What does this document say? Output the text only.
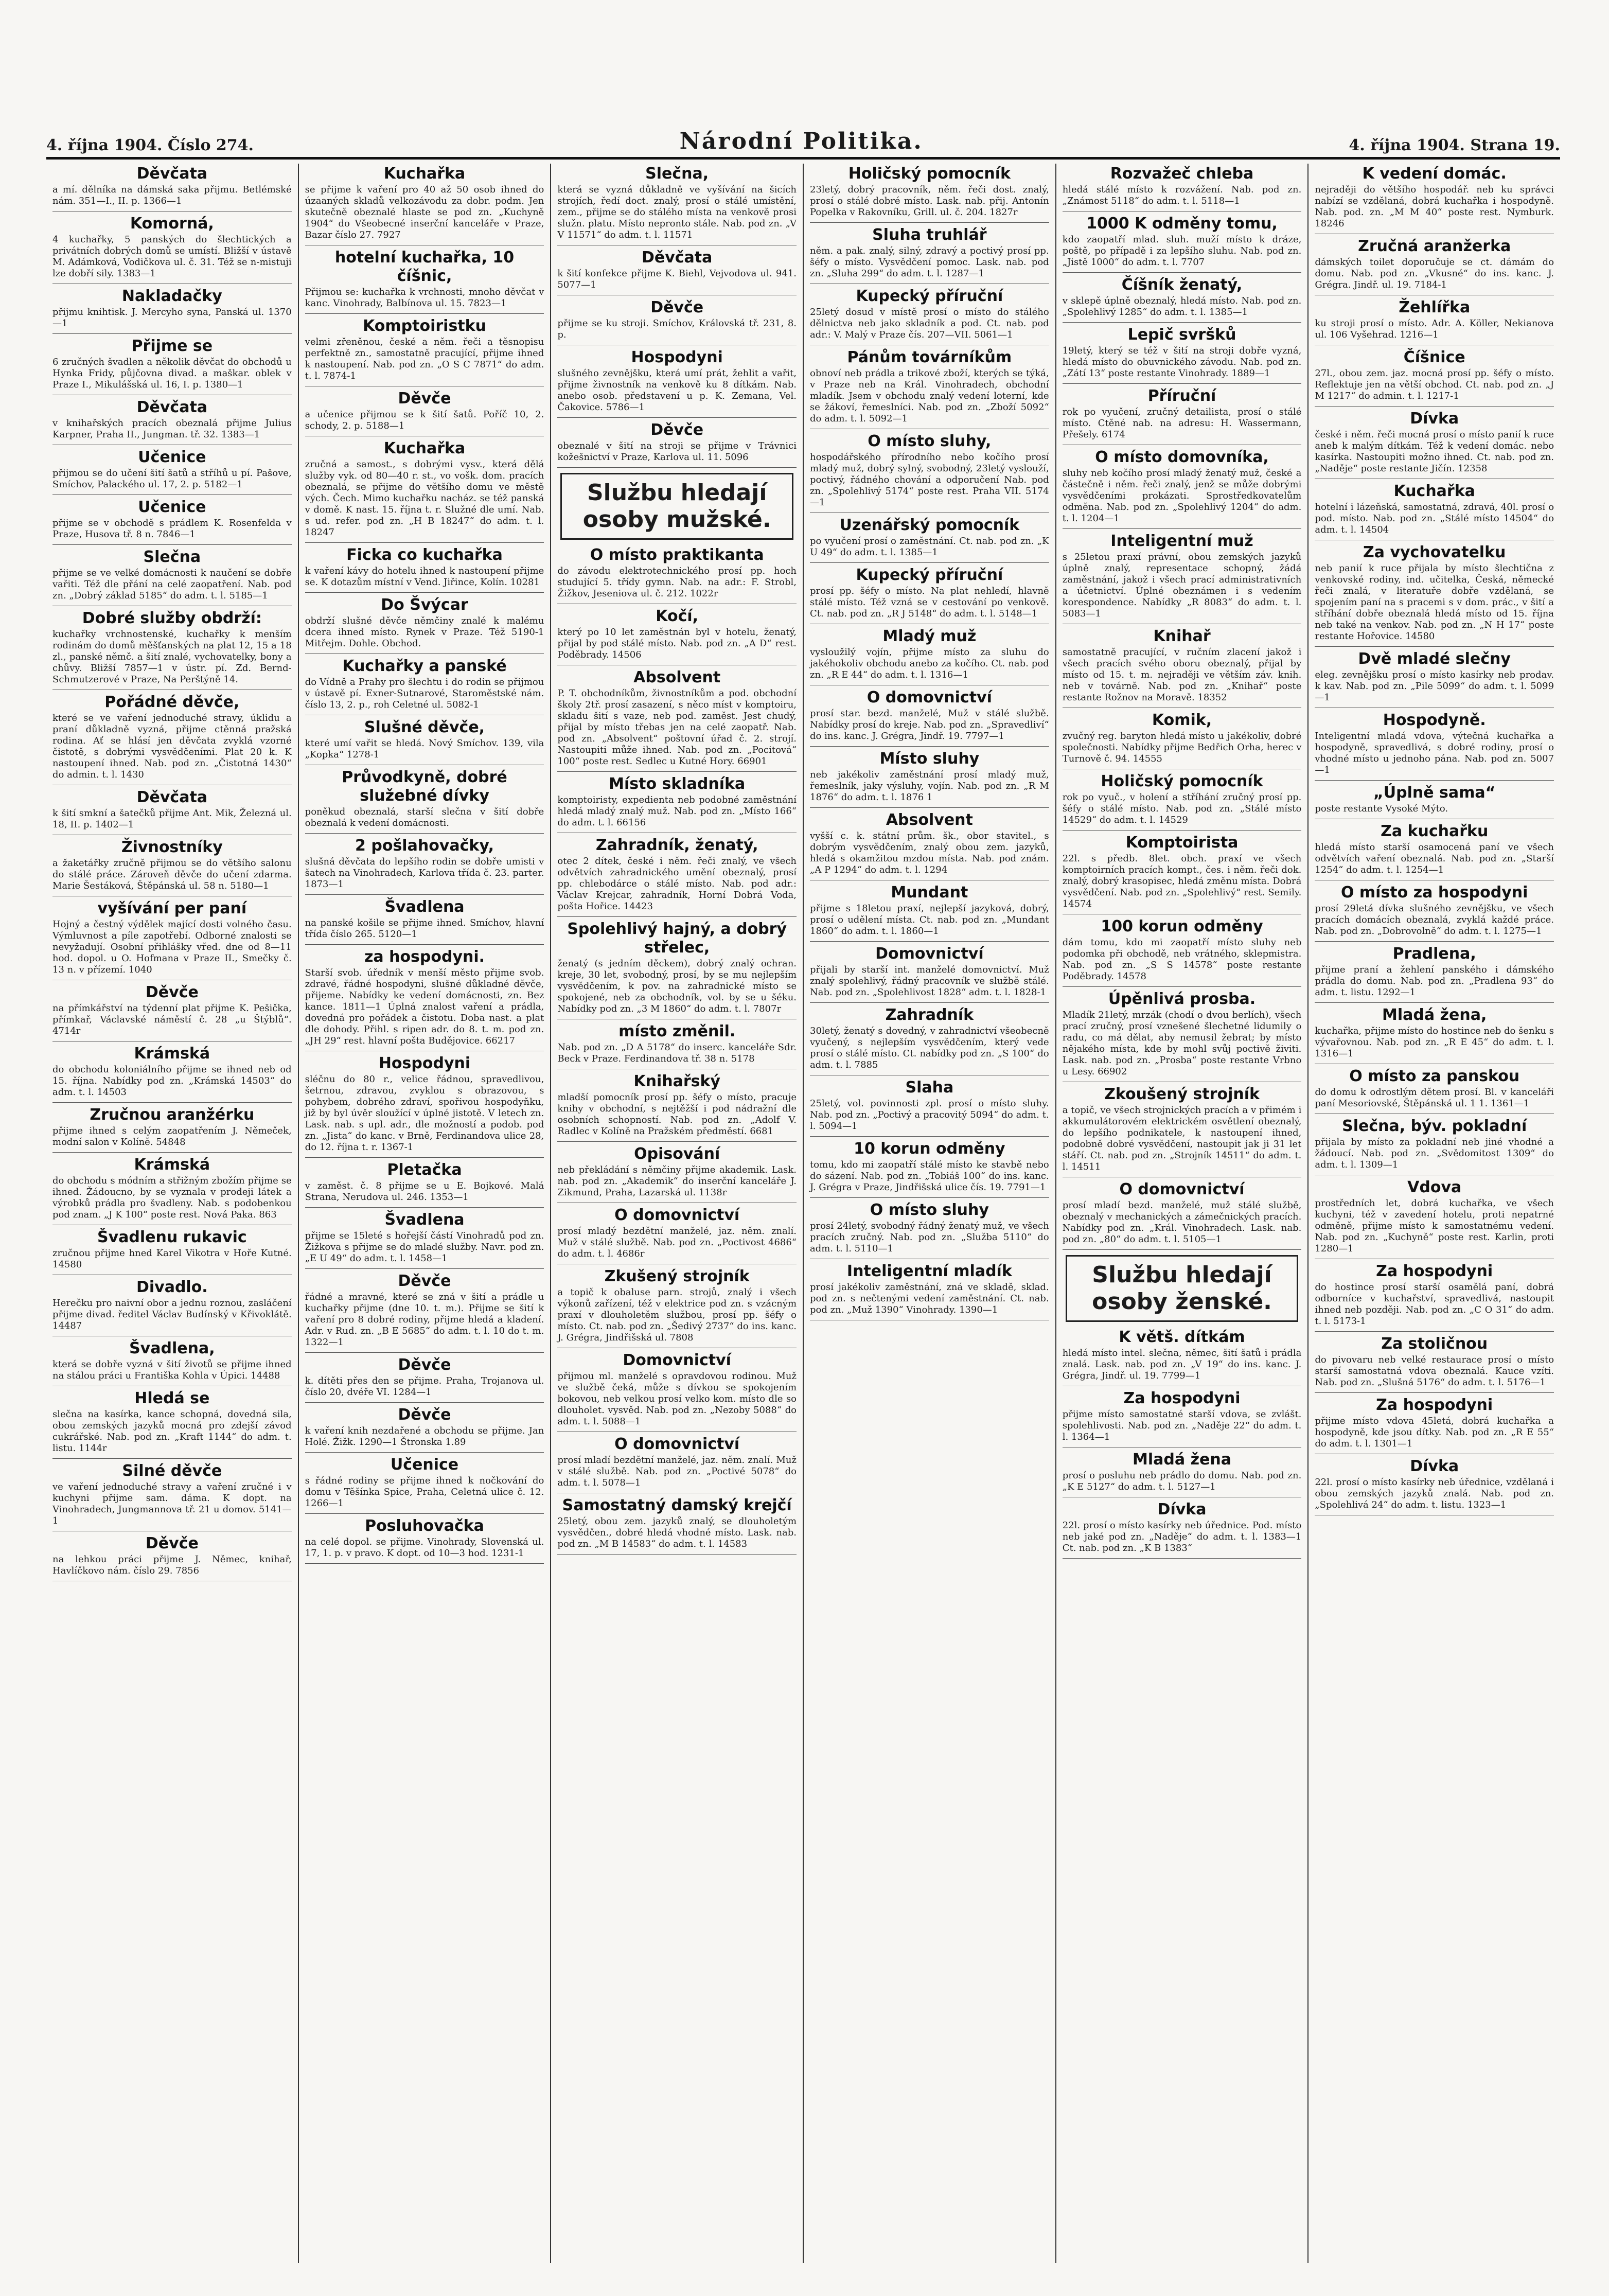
4. října 1904. Číslo 274.	Národní Politika.	4. října 1904. Strana 19.
Děvčata

a mí. dělníka na dámská saka přijmu. Betlémské nám. 351—I., II. p. 1366—1

Komorná,

4 kuchařky, 5 panských do šlechtických a privátních dobrých domů se umístí. Bližší v ústavě M. Adámková, Vodičkova ul. č. 31. Též se n-mistuji lze dobří sily. 1383—1

Nakladačky

přijmu knihtisk. J. Mercyho syna, Panská ul. 1370—1

Přijme se

6 zručných švadlen a několik děvčat do obchodů u Hynka Fridy, půjčovna divad. a maškar. oblek v Praze I., Mikulášská ul. 16, I. p. 1380—1

Děvčata

v knihařských pracích obeznalá přijme Julius Karpner, Praha II., Jungman. tř. 32. 1383—1

Učenice

přijmou se do učení šití šatů a stříhů u pí. Pašove, Smíchov, Palackého ul. 17, 2. p. 5182—1

Učenice

přijme se v obchodě s prádlem K. Rosenfelda v Praze, Husova tř. 8 n. 7846—1

Slečna

přijme se ve velké domácnosti k naučení se dobře vařiti. Též dle přání na celé zaopatření. Nab. pod zn. „Dobrý základ 5185“ do adm. t. l. 5185—1

Dobré služby obdrží:

kuchařky vrchnostenské, kuchařky k menším rodinám do domů měšťanských na plat 12, 15 a 18 zl., panské němč. a šití znalé, vychovatelky, bony a chůvy. Bližší 7857—1 v ústr. pí. Zd. Bernd-Schmutzerové v Praze, Na Perštýně 14.

Pořádné děvče,

které se ve vaření jednoduché stravy, úklidu a praní důkladně vyzná, přijme ctěnná pražská rodina. Ať se hlásí jen děvčata zvyklá vzorné čistotě, s dobrými vysvědčeními. Plat 20 k. K nastoupení ihned. Nab. pod zn. „Čistotná 1430“ do admin. t. l. 1430

Děvčata

k šití smkní a šatečků přijme Ant. Mik, Železná ul. 18, II. p. 1402—1

Živnostníky

a žaketářky zručně přijmou se do většího salonu do stálé práce. Zároveň děvče do učení zdarma. Marie Šestáková, Štěpánská ul. 58 n. 5180—1

vyšívání per paní

Hojný a čestný výdělek mající dosti volného času. Výmluvnost a píle zapotřebí. Odborné znalosti se nevyžadují. Osobní přihlášky vřed. dne od 8—11 hod. dopol. u O. Hofmana v Praze II., Smečky č. 13 n. v přízemí. 1040

Děvče

na přímkářství na týdenní plat přijme K. Pešička, přímkař, Václavské náměstí č. 28 „u Štýblů“. 4714r

Krámská

do obchodu koloniálního přijme se ihned neb od 15. října. Nabídky pod zn. „Krámská 14503“ do adm. t. l. 14503

Zručnou aranžérku

přijme ihned s celým zaopatřením J. Němeček, modní salon v Kolíně. 54848

Krámská

do obchodu s módním a střižným zbožím přijme se ihned. Žádoucno, by se vyznala v prodeji látek a výrobků prádla pro švadleny. Nab. s podobenkou pod znam. „J K 100“ poste rest. Nová Paka. 863

Švadlenu rukavic

zručnou přijme hned Karel Vikotra v Hoře Kutné. 14580

Divadlo.

Herečku pro naivní obor a jednu roznou, zasláčení přijme divad. ředitel Václav Budínský v Křivoklátě. 14487

Švadlena,

která se dobře vyzná v šití životů se přijme ihned na stálou práci u Františka Kohla v Úpici. 14488

Hledá se

slečna na kasírka, kance schopná, dovedná sila, obou zemských jazyků mocná pro zdejší závod cukrářské. Nab. pod zn. „Kraft 1144“ do adm. t. listu. 1144r

Silné děvče

ve vaření jednoduché stravy a vaření zručné i v kuchyni přijme sam. dáma. K dopt. na Vinohradech, Jungmannova tř. 21 u domov. 5141—1

Děvče

na lehkou práci přijme J. Němec, knihař, Havlíčkovo nám. číslo 29. 7856

Kuchařka

se přijme k vaření pro 40 až 50 osob ihned do úzaaných skladů velkozávodu za dobr. podm. Jen skutečně obeznalé hlaste se pod zn. „Kuchyně 1904“ do Všeobecné inserční kanceláře v Praze, Bazar číslo 27. 7927

hotelní kuchařka, 10 číšnic,

Přijmou se: kuchařka k vrchnosti, mnoho děvčat v kanc. Vinohrady, Balbínova ul. 15. 7823—1

Komptoiristku

velmi zřeněnou, české a něm. řeči a těsnopisu perfektně zn., samostatně pracující, přijme ihned k nastoupení. Nab. pod zn. „O S C 7871“ do adm. t. l. 7874-1

Děvče

a učenice přijmou se k šití šatů. Poříč 10, 2. schody, 2. p. 5188—1

Kuchařka

zručná a samost., s dobrými vysv., která dělá služby vyk. od 80—40 r. st., vo vošk. dom. pracích obeznalá, se přijme do většího domu ve městě vých. Čech. Mimo kuchařku nacház. se též panská v domě. K nast. 15. října t. r. Služné dle umí. Nab. s ud. refer. pod zn. „H B 18247“ do adm. t. l. 18247

Ficka co kuchařka

k vaření kávy do hotelu ihned k nastoupení přijme se. K dotazům místní v Vend. Jiřince, Kolín. 10281

Do Švýcar

obdrží slušné děvče němčiny znalé k malému dcera ihned místo. Rynek v Praze. Též 5190-1 Mitřejm. Dohle. Obchod.

Kuchařky a panské

do Vídně a Prahy pro šlechtu i do rodin se přijmou v ústavě pí. Exner-Sutnarové, Staroměstské nám. číslo 13, 2. p., roh Celetné ul. 5082-1

Slušné děvče,

které umí vařit se hledá. Nový Smíchov. 139, vila „Kopka“ 1278-1

Průvodkyně, dobré služebné dívky

poněkud obeznalá, starší slečna v šití dobře obeznalá k vedení domácnosti.

2 pošlahovačky,

slušná děvčata do lepšího rodin se dobře umisti v šatech na Vinohradech, Karlova třída č. 23. parter. 1873—1

Švadlena

na panské košile se přijme ihned. Smíchov, hlavní třída číslo 265. 5120—1

za hospodyni.

Starší svob. úředník v menší město přijme svob. zdravé, řádné hospodyni, slušné důkladné děvče, přijeme. Nabídky ke vedení domácnosti, zn. Bez kance. 1811—1 Úplná znalost vaření a prádla, dovedná pro pořádek a čistotu. Doba nast. a plat dle dohody. Přihl. s ripen adr. do 8. t. m. pod zn. „JH 29“ rest. hlavní pošta Budějovice. 66217

Hospodyni

sléčnu do 80 r., velice řádnou, spravedlivou, šetrnou, zdravou, zvyklou s obrazovou, s pohybem, dobrého zdraví, spořivou hospodyňku, již by byl úvěr sloužící v úplné jistotě. V letech zn. Lask. nab. s upl. adr., dle možností a podob. pod zn. „Jista“ do kanc. v Brně, Ferdinandova ulice 28, do 12. října t. r. 1367-1

Pletačka

v zaměst. č. 8 přijme se u E. Bojkové. Malá Strana, Nerudova ul. 246. 1353—1

Švadlena

přijme se 15leté s hořejší částí Vinohradů pod zn. Žižkova s přijme se do mladé služby. Navr. pod zn. „E U 49“ do adm. t. l. 1458—1

Děvče

řádné a mravné, které se zná v šití a prádle u kuchařky přijme (dne 10. t. m.). Přijme se šití k vaření pro 8 dobré rodiny, přijme hledá a kladení. Adr. v Rud. zn. „B E 5685“ do adm. t. l. 10 do t. m. 1322—1

Děvče

k. dítěti přes den se přijme. Praha, Trojanova ul. číslo 20, dvéře VI. 1284—1

Děvče

k vaření knih nezdařené a obchodu se přijme. Jan Holé. Žižk. 1290—1 Štronska 1.89

Učenice

s řádné rodiny se přijme ihned k nočkování do domu v Těšínka Spice, Praha, Celetná ulice č. 12. 1266—1

Posluhovačka

na celé dopol. se přijme. Vinohrady, Slovenská ul. 17, 1. p. v pravo. K dopt. od 10—3 hod. 1231-1

Slečna,

která se vyzná důkladně ve vyšívání na šicích strojích, ředí doct. znalý, prosí o stálé umístění, zem., přijme se do stálého místa na venkově prosi služn. platu. Místo nepronto stále. Nab. pod zn. „V V 11571“ do adm. t. l. 11571

Děvčata

k šití konfekce přijme K. Biehl, Vejvodova ul. 941. 5077—1

Děvče

přijme se ku stroji. Smíchov, Královská tř. 231, 8. p.

Hospodyni

slušného zevnějšku, která umí prát, žehlit a vařit, přijme živnostník na venkově ku 8 dítkám. Nab. anebo osob. představení u p. K. Zemana, Vel. Čakovice. 5786—1

Děvče

obeznalé v šití na stroji se přijme v Trávnici kožešnictví v Praze, Karlova ul. 11. 5096

Službu hledají osoby mužské.
O místo praktikanta

do závodu elektrotechnického prosí pp. hoch studující 5. třídy gymn. Nab. na adr.: F. Strobl, Žižkov, Jeseniova ul. č. 212. 1022r

Kočí,

který po 10 let zaměstnán byl v hotelu, ženatý, přijal by pod stálé místo. Nab. pod zn. „A D“ rest. Poděbrady. 14506

Absolvent

P. T. obchodníkům, živnostníkům a pod. obchodní školy 2tř. prosí zasazení, s něco míst v komptoiru, skladu šití s vaze, neb pod. zaměst. Jest chudý, přijal by místo třebas jen na celé zaopatř. Nab. pod zn. „Absolvent“ poštovní úřad č. 2. strojí. Nastoupiti může ihned. Nab. pod zn. „Pocitová“ 100“ poste rest. Sedlec u Kutné Hory. 66901

Místo skladníka

komptoiristy, expedienta neb podobné zaměstnání hledá mladý znalý muž. Nab. pod zn. „Místo 166“ do adm. t. l. 66156

Zahradník, ženatý,

otec 2 dítek, české i něm. řeči znalý, ve všech odvětvích zahradnického umění obeznalý, prosí pp. chlebodárce o stálé místo. Nab. pod adr.: Václav Krejcar, zahradník, Horní Dobrá Voda, pošta Hořice. 14423

Spolehlivý hajný, a dobrý střelec,

ženatý (s jedním děckem), dobrý znalý ochran. kreje, 30 let, svobodný, prosí, by se mu nejlepším vysvědčením, k pov. na zahradnické místo se spokojené, neb za obchodník, vol. by se u šéku. Nabídky pod zn. „3 M 1860“ do adm. t. l. 7807r

místo změnil.

Nab. pod zn. „D A 5178“ do inserc. kanceláře Sdr. Beck v Praze. Ferdinandova tř. 38 n. 5178

Knihařský

mladší pomocník prosí pp. šéfy o místo, pracuje knihy v obchodní, s nejtěžší i pod nádražní dle osobních schopností. Nab. pod zn. „Adolf V. Radlec v Kolíně na Pražském předměstí. 6681

Opisování

neb překládání s němčiny přijme akademik. Lask. nab. pod zn. „Akademik“ do inserční kanceláře J. Zikmund, Praha, Lazarská ul. 1138r

O domovnictví

prosí mladý bezdětní manželé, jaz. něm. znalí. Muž v stálé službě. Nab. pod zn. „Poctivost 4686“ do adm. t. l. 4686r

Zkušený strojník

a topič k obaluse parn. strojů, znalý i všech výkonů zařízení, též v elektrice pod zn. s vzácným praxí v dlouholetěm službou, prosí pp. šéfy o místo. Ct. nab. pod zn. „Šedivý 2737“ do ins. kanc. J. Grégra, Jindřišská ul. 7808

Domovnictví

přijmou ml. manželé s opravdovou rodinou. Muž ve službě čeká, může s dívkou se spokojením bokovou, neb velkou prosí velko kom. místo dle so dlouholet. vysvěd. Nab. pod zn. „Nezoby 5088“ do adm. t. l. 5088—1

O domovnictví

prosí mladí bezdětní manželé, jaz. něm. znalí. Muž v stálé službě. Nab. pod zn. „Poctivé 5078“ do adm. t. l. 5078—1

Samostatný damský krejčí

25letý, obou zem. jazyků znalý, se dlouholetým vysvědčen., dobré hledá vhodné místo. Lask. nab. pod zn. „M B 14583“ do adm. t. l. 14583

Holičský pomocník

23letý, dobrý pracovník, něm. řeči dost. znalý, prosí o stálé dobré místo. Lask. nab. přij. Antonín Popelka v Rakovníku, Grill. ul. č. 204. 1827r

Sluha truhlář

něm. a pak. znalý, silný, zdravý a poctivý prosí pp. šéfy o místo. Vysvědčení pomoc. Lask. nab. pod zn. „Sluha 299“ do adm. t. l. 1287—1

Kupecký příruční

25letý dosud v místě prosí o místo do stálého dělnictva neb jako skladník a pod. Ct. nab. pod adr.: V. Malý v Praze čís. 207—VII. 5061—1

Pánům továrníkům

obnoví neb prádla a trikové zboží, kterých se týká, v Praze neb na Král. Vinohradech, obchodní mladík. Jsem v obchodu znalý vedení loterní, kde se žákoví, řemeslníci. Nab. pod zn. „Zboží 5092“ do adm. t. l. 5092—1

O místo sluhy,

hospodářského přírodního nebo kočího prosí mladý muž, dobrý sylný, svobodný, 23letý vyslouží, poctivý, řádného chování a odporučení Nab. pod zn. „Spolehlivý 5174“ poste rest. Praha VII. 5174—1

Uzenářský pomocník

po vyučení prosí o zaměstnání. Ct. nab. pod zn. „K U 49“ do adm. t. l. 1385—1

Kupecký příruční

prosí pp. šéfy o místo. Na plat nehledí, hlavně stálé místo. Též vzná se v cestování po venkově. Ct. nab. pod zn. „R J 5148“ do adm. t. l. 5148—1

Mladý muž

vysloužilý vojín, přijme místo za sluhu do jakéhokoliv obchodu anebo za kočího. Ct. nab. pod zn. „R E 44“ do adm. t. l. 1316—1

O domovnictví

prosí star. bezd. manželé, Muž v stálé službě. Nabídky prosí do kreje. Nab. pod zn. „Spravedliví“ do ins. kanc. J. Grégra, Jindř. 19. 7797—1

Místo sluhy

neb jakékoliv zaměstnání prosí mladý muž, řemeslník, jaky výsluhy, vojín. Nab. pod zn. „R M 1876“ do adm. t. l. 1876 1

Absolvent

vyšší c. k. státní prům. šk., obor stavitel., s dobrým vysvědčením, znalý obou zem. jazyků, hledá s okamžitou mzdou místa. Nab. pod znám. „A P 1294“ do adm. t. l. 1294

Mundant

přijme s 18letou praxí, nejlepší jazyková, dobrý, prosí o udělení místa. Ct. nab. pod zn. „Mundant 1860“ do adm. t. l. 1860—1

Domovnictví

přijali by starší int. manželé domovnictví. Muž znalý spolehlivý, řádný pracovník ve službě stálé. Nab. pod zn. „Spolehlivost 1828“ adm. t. l. 1828-1

Zahradník

30letý, ženatý s dovedný, v zahradnictví všeobecně vyučený, s nejlepším vysvědčením, který vede prosí o stálé místo. Ct. nabídky pod zn. „S 100“ do adm. t. l. 7885

Slaha

25letý, vol. povinnosti zpl. prosí o místo sluhy. Nab. pod zn. „Poctivý a pracovitý 5094“ do adm. t. l. 5094—1

10 korun odměny

tomu, kdo mi zaopatří stálé místo ke stavbě nebo do sázení. Nab. pod zn. „Tobiáš 100“ do ins. kanc. J. Grégra v Praze, Jindřišská ulice čís. 19. 7791—1

O místo sluhy

prosí 24letý, svobodný řádný ženatý muž, ve všech pracích zručný. Nab. pod zn. „Služba 5110“ do adm. t. l. 5110—1

Inteligentní mladík

prosí jakékoliv zaměstnání, zná ve skladě, sklad. pod zn. s nečtenými vedení zaměstnání. Ct. nab. pod zn. „Muž 1390“ Vinohrady. 1390—1

Rozvažeč chleba

hledá stálé místo k rozvážení. Nab. pod zn. „Známost 5118“ do adm. t. l. 5118—1

1000 K odměny tomu,

kdo zaopatří mlad. sluh. muží místo k dráze, poště, po případě i za lepšího sluhu. Nab. pod zn. „Jistě 1000“ do adm. t. l. 7707

Číšník ženatý,

v sklepě úplně obeznalý, hledá místo. Nab. pod zn. „Spolehlivý 1285“ do adm. t. l. 1385—1

Lepič svršků

19letý, který se též v šití na stroji dobře vyzná, hledá místo do obuvnického závodu. Nab. pod zn. „Zátí 13“ poste restante Vinohrady. 1889—1

Příruční

rok po vyučení, zručný detailista, prosí o stálé místo. Ctěné nab. na adresu: H. Wassermann, Přešely. 6174

O místo domovníka,

sluhy neb kočího prosí mladý ženatý muž, české a částečně i něm. řeči znalý, jenž se může dobrými vysvědčeními prokázati. Sprostředkovatelům odměna. Nab. pod zn. „Spolehlivý 1204“ do adm. t. l. 1204—1

Inteligentní muž

s 25letou praxí právní, obou zemských jazyků úplně znalý, representace schopný, žádá zaměstnání, jakož i všech prací administrativních a účetnictví. Úplné obeznámen i s vedením korespondence. Nabídky „R 8083“ do adm. t. l. 5083—1

Knihař

samostatně pracující, v ručním zlacení jakož i všech pracích svého oboru obeznalý, přijal by místo od 15. t. m. nejraději ve větším záv. knih. neb v továrně. Nab. pod zn. „Knihař“ poste restante Rožnov na Moravě. 18352

Komik,

zvučný reg. baryton hledá místo u jakékoliv, dobré společnosti. Nabídky přijme Bedřich Orha, herec v Turnově č. 94. 14555

Holičský pomocník

rok po vyuč., v holení a stříhání zručný prosí pp. šéfy o stálé místo. Nab. pod zn. „Stálé místo 14529“ do adm. t. l. 14529

Komptoirista

22l. s předb. 8let. obch. praxí ve všech komptoirních pracích kompt., čes. i něm. řeči dok. znalý, dobrý krasopisec, hledá změnu místa. Dobrá vysvědčení. Nab. pod zn. „Spolehlivý“ rest. Semily. 14574

100 korun odměny

dám tomu, kdo mi zaopatří místo sluhy neb podomka při obchodě, neb vrátného, sklepmistra. Nab. pod zn. „S S 14578“ poste restante Poděbrady. 14578

Úpěnlivá prosba.

Mladík 21letý, mrzák (chodí o dvou berlích), všech prací zručný, prosí vznešené šlechetné lidumily o radu, co má dělat, aby nemusil žebrat; by místo nějakého místa, kde by mohl svůj poctivě živiti. Lask. nab. pod zn. „Prosba“ poste restante Vrbno u Lesy. 66902

Zkoušený strojník

a topič, ve všech strojnických pracích a v přimém i akkumulátorovém elektrickém osvětlení obeznalý, do lepšího podnikatele, k nastoupení ihned, podobně dobré vysvědčení, nastoupit jak ji 31 let stáří. Ct. nab. pod zn. „Strojník 14511“ do adm. t. l. 14511

O domovnictví

prosí mladí bezd. manželé, muž stálé službě, obeznalý v mechanických a zámečnických pracích. Nabídky pod zn. „Král. Vinohradech. Lask. nab. pod zn. „80“ do adm. t. l. 5105—1

Službu hledají osoby ženské.
K větš. dítkám

hledá místo intel. slečna, němec, šití šatů i prádla znalá. Lask. nab. pod zn. „V 19“ do ins. kanc. J. Grégra, Jindř. ul. 19. 7799—1

Za hospodyni

přijme místo samostatné starší vdova, se zvlášt. spolehlivosti. Nab. pod zn. „Naděje 22“ do adm. t. l. 1364—1

Mladá žena

prosí o posluhu neb prádlo do domu. Nab. pod zn. „K E 5127“ do adm. t. l. 5127—1

Dívka

22l. prosí o místo kasírky neb úřednice. Pod. místo neb jaké pod zn. „Naděje“ do adm. t. l. 1383—1 Ct. nab. pod zn. „K B 1383“

K vedení domác.

nejraději do většího hospodář. neb ku správci nabízí se vzdělaná, dobrá kuchařka i hospodyně. Nab. pod. zn. „M M 40“ poste rest. Nymburk. 18246

Zručná aranžerka

dámských toilet doporučuje se ct. dámám do domu. Nab. pod zn. „Vkusné“ do ins. kanc. J. Grégra. Jindř. ul. 19. 7184-1

Žehlířka

ku stroji prosí o místo. Adr. A. Köller, Nekianova ul. 106 Vyšehrad. 1216—1

Číšnice

27l., obou zem. jaz. mocná prosí pp. šéfy o místo. Reflektuje jen na větší obchod. Ct. nab. pod zn. „J M 1217“ do admin. t. l. 1217-1

Dívka

české i něm. řeči mocná prosí o místo panií k ruce aneb k malým dítkám. Též k vedení domác. nebo kasírka. Nastoupiti možno ihned. Ct. nab. pod zn. „Naděje“ poste restante Jičín. 12358

Kuchařka

hotelní i lázeňská, samostatná, zdravá, 40l. prosí o pod. místo. Nab. pod zn. „Stálé místo 14504“ do adm. t. l. 14504

Za vychovatelku

neb panií k ruce přijala by místo šlechtična z venkovské rodiny, ind. učitelka, Česká, německé řeči znalá, v literatuře dobře vzdělaná, se spojením paní na s pracemi s v dom. prác., v šití a stříhání dobře obeznalá hledá místo od 15. října neb také na venkov. Nab. pod zn. „N H 17“ poste restante Hořovice. 14580

Dvě mladé slečny

eleg. zevnějšku prosí o místo kasírky neb prodav. k kav. Nab. pod zn. „Pile 5099“ do adm. t. l. 5099—1

Hospodyně.

Inteligentní mladá vdova, výtečná kuchařka a hospodyně, spravedlivá, s dobré rodiny, prosí o vhodné místo u jednoho pána. Nab. pod zn. 5007—1

„Úplně sama“

poste restante Vysoké Mýto.

Za kuchařku

hledá místo starší osamocená paní ve všech odvětvích vaření obeznalá. Nab. pod zn. „Starší 1254“ do adm. t. l. 1254—1

O místo za hospodyni

prosí 29letá dívka slušného zevnějšku, ve všech pracích domácích obeznalá, zvyklá každé práce. Nab. pod zn. „Dobrovolně“ do adm. t. l. 1275—1

Pradlena,

přijme praní a žehlení panského i dámského prádla do domu. Nab. pod zn. „Pradlena 93“ do adm. t. listu. 1292—1

Mladá žena,

kuchařka, přijme místo do hostince neb do šenku s vývařovnou. Nab. pod zn. „R E 45“ do adm. t. l. 1316—1

O místo za panskou

do domu k odrostlým dětem prosí. Bl. v kanceláři paní Mesoriovské, Štěpánská ul. 1 1. 1361—1

Slečna, býv. pokladní

přijala by místo za pokladní neb jiné vhodné a žádoucí. Nab. pod zn. „Svědomitost 1309“ do adm. t. l. 1309—1

Vdova

prostředních let, dobrá kuchařka, ve všech kuchyni, též v zavedení hotelu, proti nepatrné odměně, přijme místo k samostatnému vedení. Nab. pod zn. „Kuchyně“ poste rest. Karlin, proti 1280—1

Za hospodyni

do hostince prosí starší osamělá paní, dobrá odborníce v kuchařství, spravedlivá, nastoupit ihned neb později. Nab. pod zn. „C O 31“ do adm. t. l. 5173-1

Za stoličnou

do pivovaru neb velké restaurace prosí o místo starší samostatná vdova obeznalá. Kauce vzíti. Nab. pod zn. „Slušná 5176“ do adm. t. l. 5176—1

Za hospodyni

přijme místo vdova 45letá, dobrá kuchařka a hospodyně, kde jsou dítky. Nab. pod zn. „R E 55“ do adm. t. l. 1301—1

Dívka

22l. prosí o místo kasírky neb úřednice, vzdělaná i obou zemských jazyků znalá. Nab. pod zn. „Spolehlivá 24“ do adm. t. listu. 1323—1
